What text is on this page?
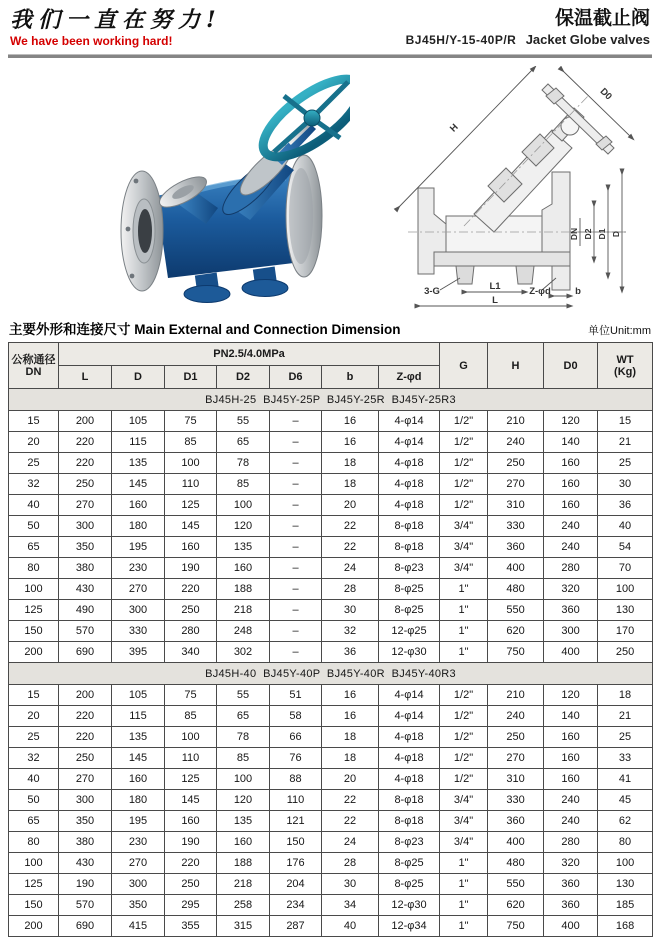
我们一直在努力!
We have been working hard!
保温截止阀
BJ45H/Y-15-40P/R Jacket Globe valves
H
D0
DN D2 D1 D
3-G	L1	Z-φd	b
L
主要外形和连接尺寸 Main External and Connection Dimension	单位Unit:mm
公称通径
DN	PN2.5/4.0MPa							G	H	D0	WT
(Kg)
	L	D	D1	D2	D6	b	Z-φd				
BJ45H-25  BJ45Y-25P  BJ45Y-25R  BJ45Y-25R3											
15	200	105	75	55	–	16	4-φ14	1/2"	210	120	15
20	220	115	85	65	–	16	4-φ14	1/2"	240	140	21
25	220	135	100	78	–	18	4-φ18	1/2"	250	160	25
32	250	145	110	85	–	18	4-φ18	1/2"	270	160	30
40	270	160	125	100	–	20	4-φ18	1/2"	310	160	36
50	300	180	145	120	–	22	8-φ18	3/4"	330	240	40
65	350	195	160	135	–	22	8-φ18	3/4"	360	240	54
80	380	230	190	160	–	24	8-φ23	3/4"	400	280	70
100	430	270	220	188	–	28	8-φ25	1"	480	320	100
125	490	300	250	218	–	30	8-φ25	1"	550	360	130
150	570	330	280	248	–	32	12-φ25	1"	620	300	170
200	690	395	340	302	–	36	12-φ30	1"	750	400	250
BJ45H-40  BJ45Y-40P  BJ45Y-40R  BJ45Y-40R3											
15	200	105	75	55	51	16	4-φ14	1/2"	210	120	18
20	220	115	85	65	58	16	4-φ14	1/2"	240	140	21
25	220	135	100	78	66	18	4-φ18	1/2"	250	160	25
32	250	145	110	85	76	18	4-φ18	1/2"	270	160	33
40	270	160	125	100	88	20	4-φ18	1/2"	310	160	41
50	300	180	145	120	110	22	8-φ18	3/4"	330	240	45
65	350	195	160	135	121	22	8-φ18	3/4"	360	240	62
80	380	230	190	160	150	24	8-φ23	3/4"	400	280	80
100	430	270	220	188	176	28	8-φ25	1"	480	320	100
125	190	300	250	218	204	30	8-φ25	1"	550	360	130
150	570	350	295	258	234	34	12-φ30	1"	620	360	185
200	690	415	355	315	287	40	12-φ34	1"	750	400	168
